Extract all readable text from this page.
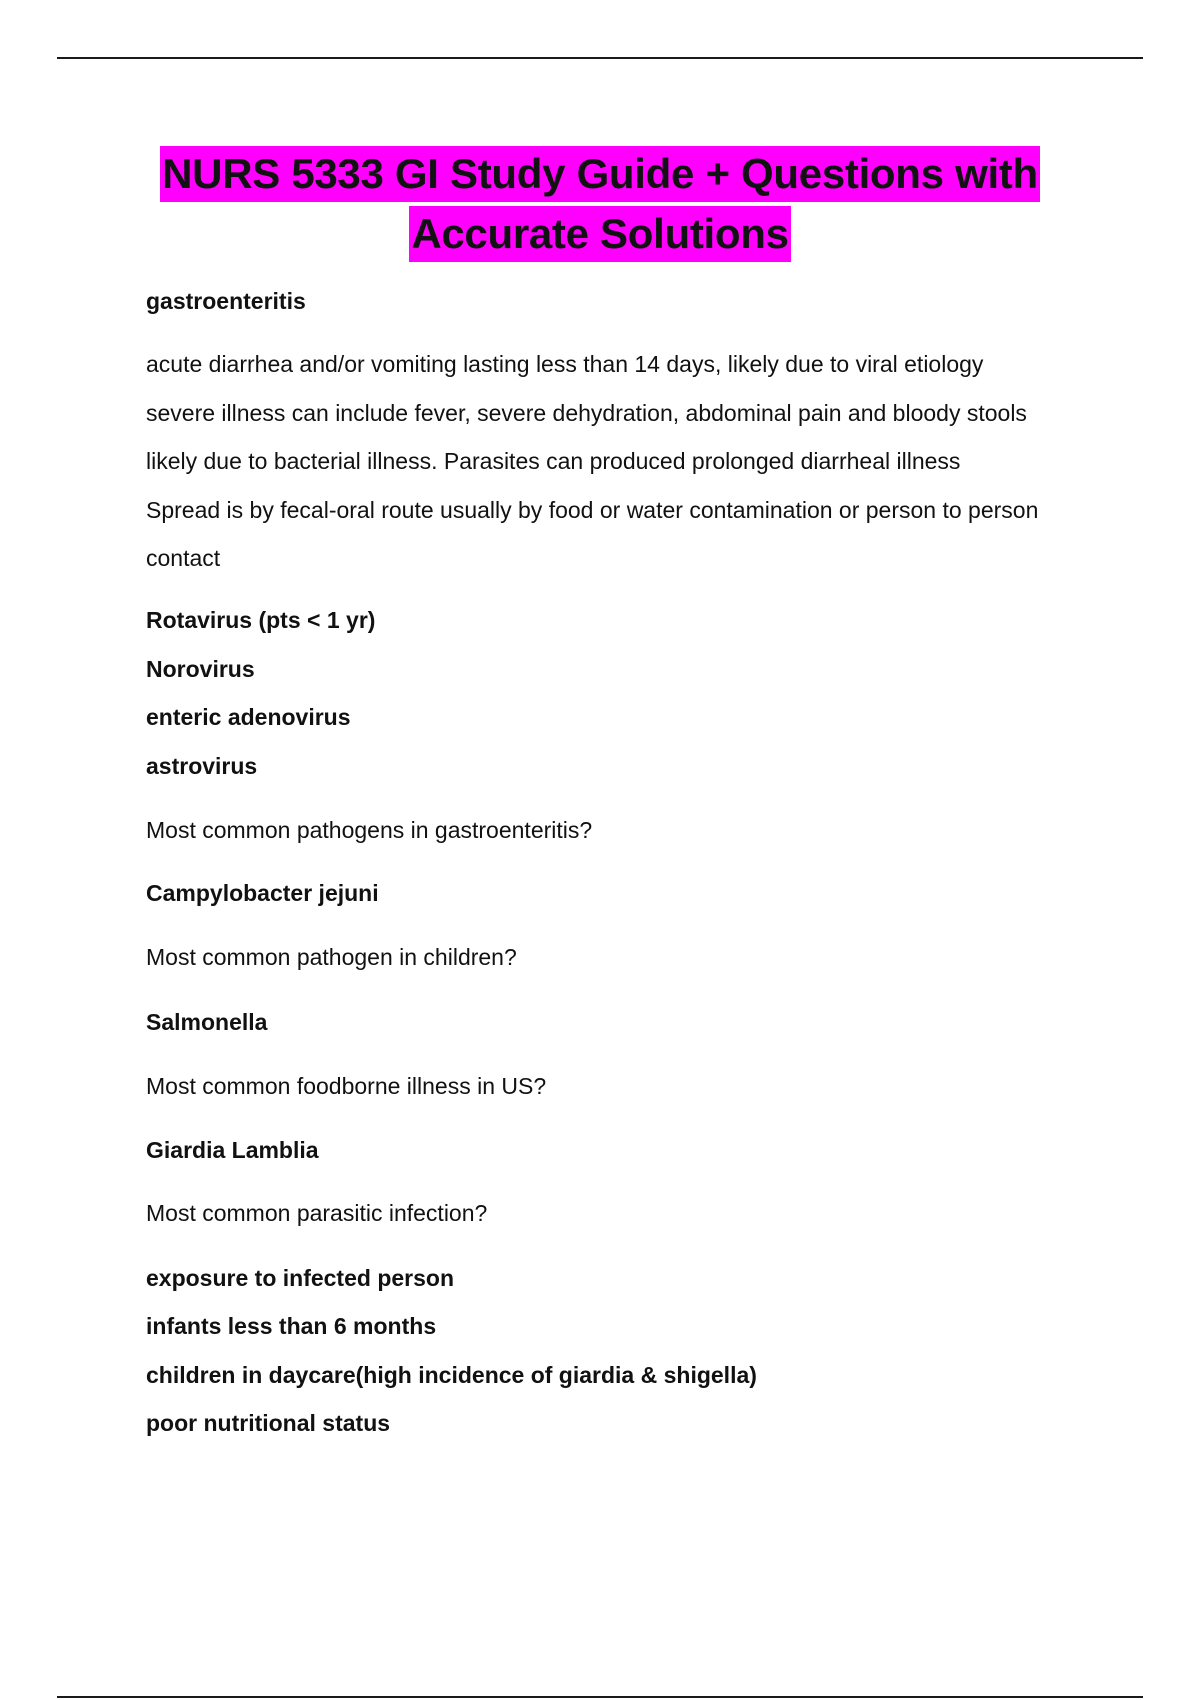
NURS 5333 GI Study Guide + Questions with
Accurate Solutions
gastroenteritis
acute diarrhea and/or vomiting lasting less than 14 days, likely due to viral etiology
severe illness can include fever, severe dehydration, abdominal pain and bloody stools
likely due to bacterial illness. Parasites can produced prolonged diarrheal illness
Spread is by fecal-oral route usually by food or water contamination or person to person
contact
Rotavirus (pts < 1 yr)
Norovirus
enteric adenovirus
astrovirus
Most common pathogens in gastroenteritis?
Campylobacter jejuni
Most common pathogen in children?
Salmonella
Most common foodborne illness in US?
Giardia Lamblia
Most common parasitic infection?
exposure to infected person
infants less than 6 months
children in daycare(high incidence of giardia & shigella)
poor nutritional status
